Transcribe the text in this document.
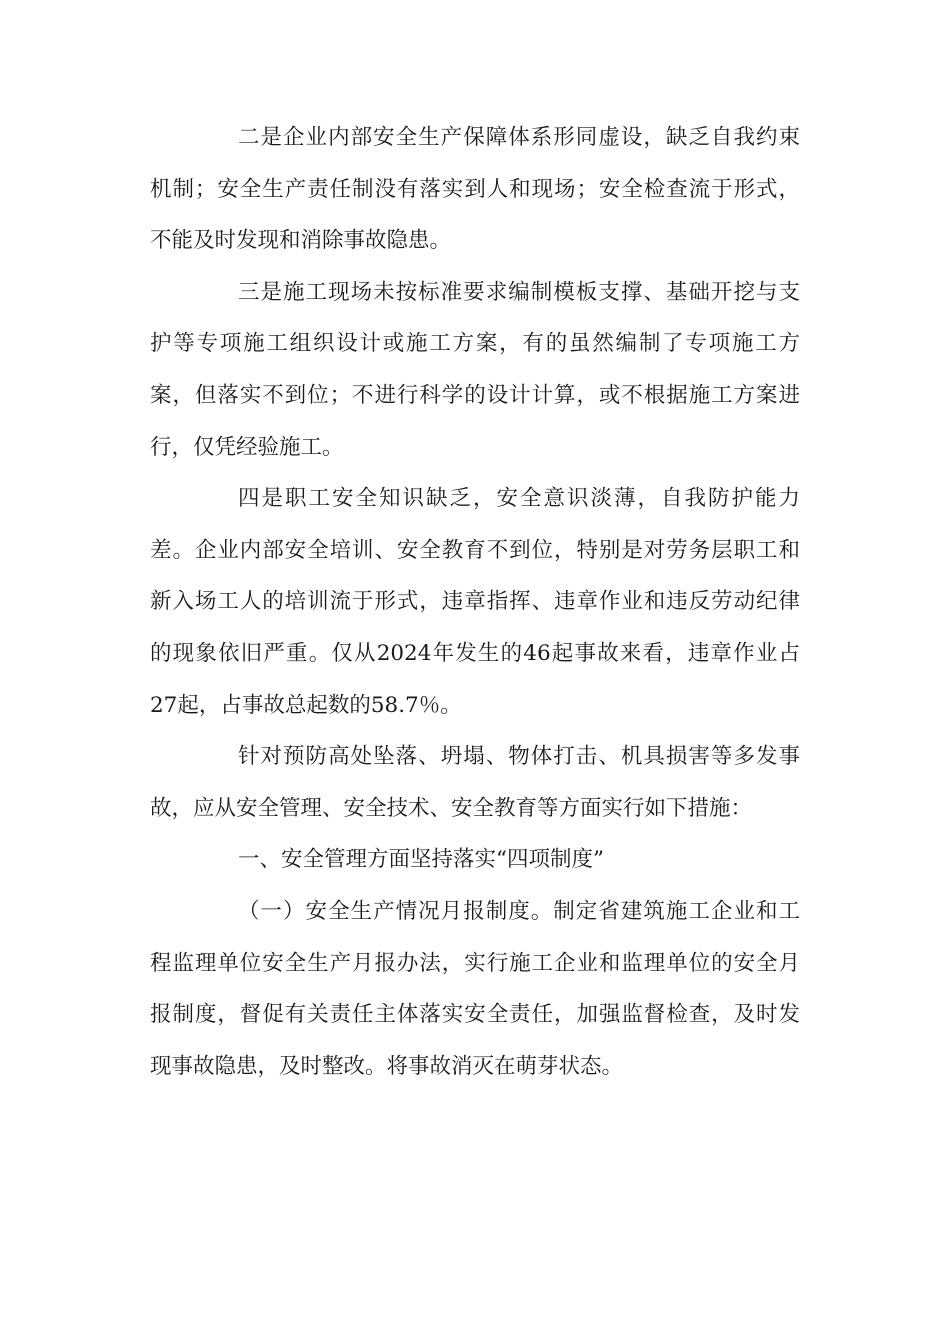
二是企业内部安全生产保障体系形同虚设，缺乏自我约束
机制；安全生产责任制没有落实到人和现场；安全检查流于形式，
不能及时发现和消除事故隐患。
三是施工现场未按标准要求编制模板支撑、基础开挖与支
护等专项施工组织设计或施工方案，有的虽然编制了专项施工方
案，但落实不到位；不进行科学的设计计算，或不根据施工方案进
行，仅凭经验施工。
四是职工安全知识缺乏，安全意识淡薄，自我防护能力
差。企业内部安全培训、安全教育不到位，特别是对劳务层职工和
新入场工人的培训流于形式，违章指挥、违章作业和违反劳动纪律
的现象依旧严重。仅从2024年发生的46起事故来看，违章作业占
27起，占事故总起数的58.7％。
针对预防高处坠落、坍塌、物体打击、机具损害等多发事
故，应从安全管理、安全技术、安全教育等方面实行如下措施：
一、安全管理方面坚持落实“四项制度”
（一）安全生产情况月报制度。制定省建筑施工企业和工
程监理单位安全生产月报办法，实行施工企业和监理单位的安全月
报制度，督促有关责任主体落实安全责任，加强监督检查，及时发
现事故隐患，及时整改。将事故消灭在萌芽状态。
